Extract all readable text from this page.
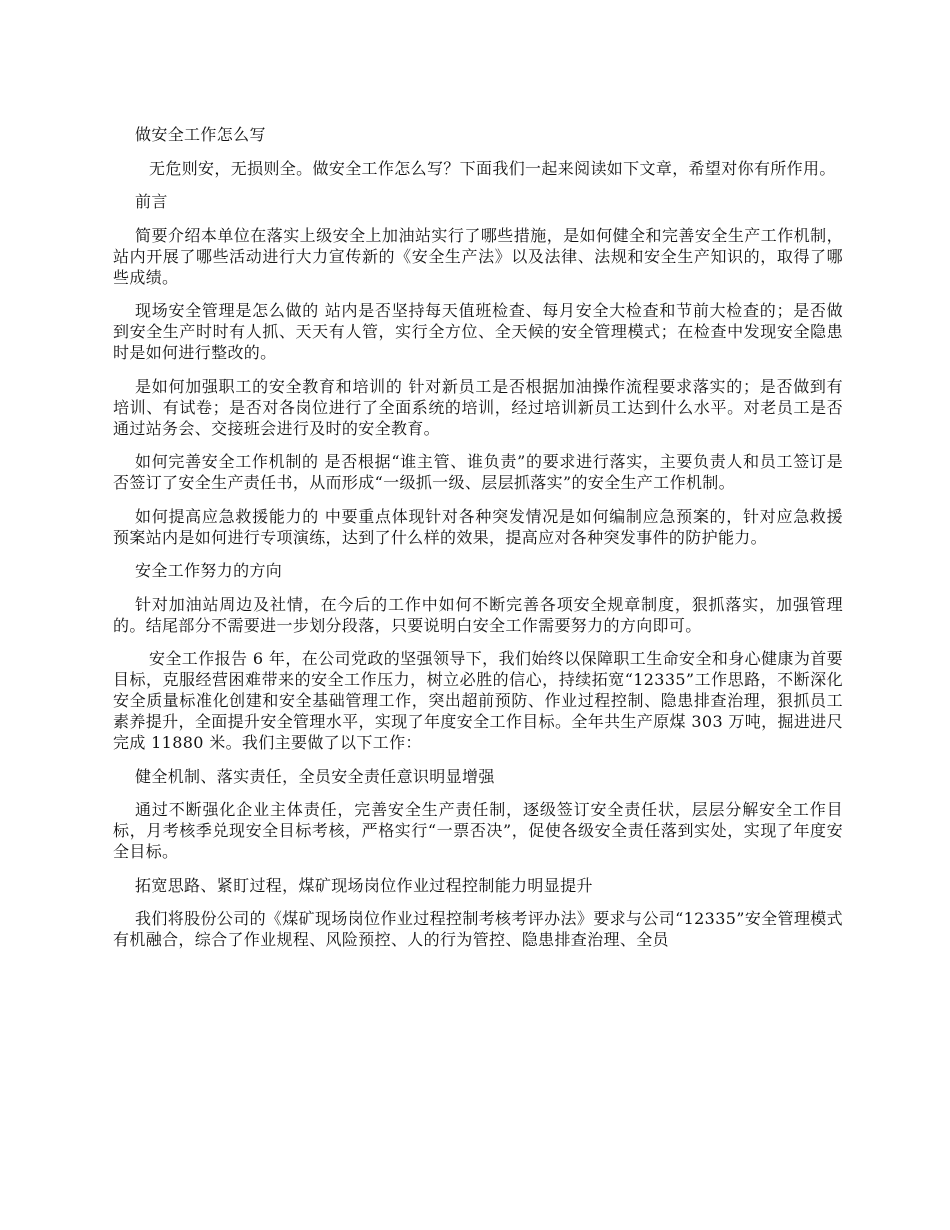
做安全工作怎么写

无危则安，无损则全。做安全工作怎么写？下面我们一起来阅读如下文章，希望对你有所作用。

前言

简要介绍本单位在落实上级安全上加油站实行了哪些措施，是如何健全和完善安全生产工作机制，站内开展了哪些活动进行大力宣传新的《安全生产法》以及法律、法规和安全生产知识的，取得了哪些成绩。

现场安全管理是怎么做的 站内是否坚持每天值班检查、每月安全大检查和节前大检查的；是否做到安全生产时时有人抓、天天有人管，实行全方位、全天候的安全管理模式；在检查中发现安全隐患时是如何进行整改的。

是如何加强职工的安全教育和培训的 针对新员工是否根据加油操作流程要求落实的；是否做到有培训、有试卷；是否对各岗位进行了全面系统的培训，经过培训新员工达到什么水平。对老员工是否通过站务会、交接班会进行及时的安全教育。

如何完善安全工作机制的 是否根据“谁主管、谁负责”的要求进行落实，主要负责人和员工签订是否签订了安全生产责任书，从而形成“一级抓一级、层层抓落实”的安全生产工作机制。

如何提高应急救援能力的 中要重点体现针对各种突发情况是如何编制应急预案的，针对应急救援预案站内是如何进行专项演练，达到了什么样的效果，提高应对各种突发事件的防护能力。

安全工作努力的方向

针对加油站周边及社情，在今后的工作中如何不断完善各项安全规章制度，狠抓落实，加强管理的。结尾部分不需要进一步划分段落，只要说明白安全工作需要努力的方向即可。

安全工作报告 6 年，在公司党政的坚强领导下，我们始终以保障职工生命安全和身心健康为首要目标，克服经营困难带来的安全工作压力，树立必胜的信心，持续拓宽“12335”工作思路，不断深化安全质量标准化创建和安全基础管理工作，突出超前预防、作业过程控制、隐患排查治理，狠抓员工素养提升，全面提升安全管理水平，实现了年度安全工作目标。全年共生产原煤 303 万吨，掘进进尺完成 11880 米。我们主要做了以下工作：

健全机制、落实责任，全员安全责任意识明显增强

通过不断强化企业主体责任，完善安全生产责任制，逐级签订安全责任状，层层分解安全工作目标，月考核季兑现安全目标考核，严格实行“一票否决”，促使各级安全责任落到实处，实现了年度安全目标。

拓宽思路、紧盯过程，煤矿现场岗位作业过程控制能力明显提升

我们将股份公司的《煤矿现场岗位作业过程控制考核考评办法》要求与公司“12335”安全管理模式有机融合，综合了作业规程、风险预控、人的行为管控、隐患排查治理、全员
